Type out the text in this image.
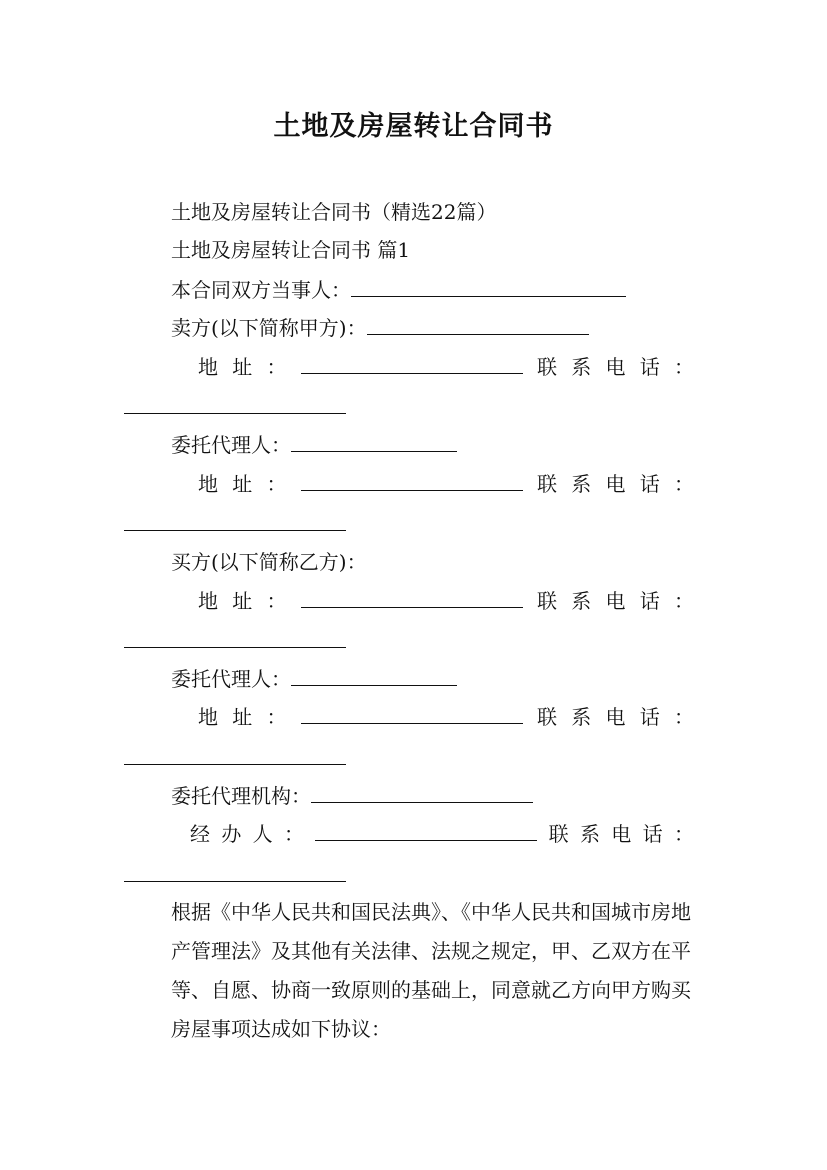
土地及房屋转让合同书
土地及房屋转让合同书（精选22篇）
土地及房屋转让合同书 篇1
本合同双方当事人：
卖方(以下简称甲方)：
地 址 ：	联 系 电 话 ：
委托代理人：
地 址 ：	联 系 电 话 ：
买方(以下简称乙方)：
地 址 ：	联 系 电 话 ：
委托代理人：
地 址 ：	联 系 电 话 ：
委托代理机构：
经 办 人 ：	联 系 电 话 ：
根据《中华人民共和国民法典》、《中华人民共和国城市房地产管理法》及其他有关法律、法规之规定，甲、乙双方在平等、自愿、协商一致原则的基础上，同意就乙方向甲方购买房屋事项达成如下协议：
